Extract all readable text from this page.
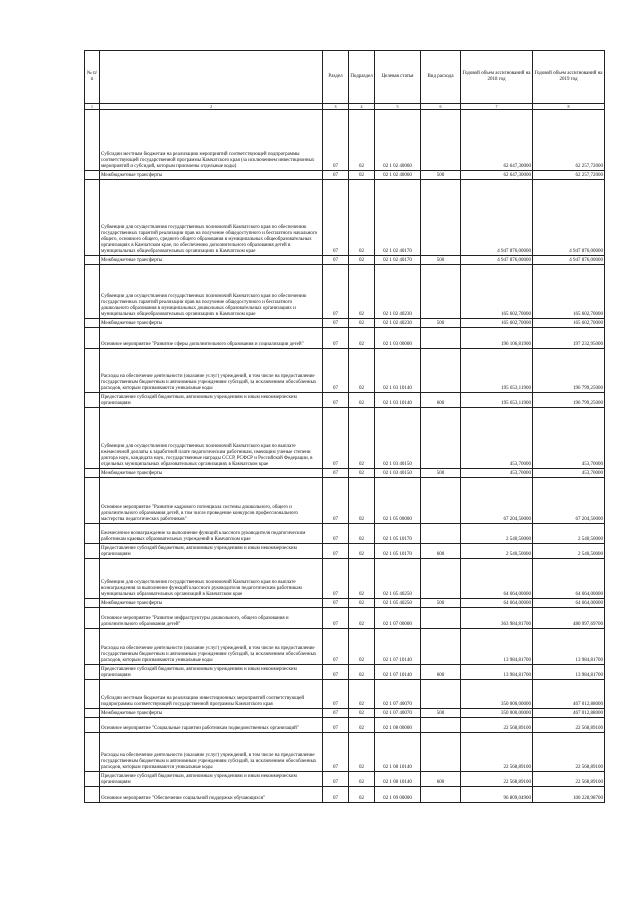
№ п/п		Раздел	Подраздел	Целевая статья	Вид расхода	Годовой объем ассигнований на 2018 год	Годовой объем ассигнований на 2019 год
1	2	3	4	5	6	7	8
	Субсидии местным бюджетам на реализацию мероприятий соответствующей подпрограммы соответствующей государственной программы Камчатского края (за исключением инвестиционных мероприятий и субсидий, которым присвоены отдельные коды)	07	02	02 1 02 40060		62 647,30000	62 257,72000
	Межбюджетные трансферты	07	02	02 1 02 40060	500	62 647,30000	62 257,72000
	Субвенции для осуществления государственных полномочий Камчатского края по обеспечению государственных гарантий реализации прав на получение общедоступного и бесплатного начального общего, основного общего, среднего общего образования в муниципальных общеобразовательных организациях в Камчатском крае, по обеспечению дополнительного образования детей в муниципальных общеобразовательных организациях в Камчатском крае	07	02	02 1 02 40170		4 947 876,00000	4 947 876,00000
	Межбюджетные трансферты	07	02	02 1 02 40170	500	4 947 876,00000	4 947 876,00000
	Субвенции для осуществления государственных полномочий Камчатского края по обеспечению государственных гарантий реализации прав на получение общедоступного и бесплатного дошкольного образования в муниципальных дошкольных образовательных организациях и муниципальных общеобразовательных организациях в Камчатском крае	07	02	02 1 02 40230		165 602,70000	165 602,70000
	Межбюджетные трансферты	07	02	02 1 02 40230	500	165 602,70000	165 602,70000
	Основное мероприятие "Развитие сферы дополнительного образования и социализации детей"	07	02	02 1 03 00000		196 106,81900	197 232,95000
	Расходы на обеспечение деятельности (оказание услуг) учреждений, в том числе на предоставление государственным бюджетным и автономным учреждениям субсидий, за исключением обособленных расходов, которым присваиваются уникальные коды	07	02	02 1 03 10140		195 653,11900	196 799,25000
	Предоставление субсидий бюджетным, автономным учреждениям и иным некоммерческим организациям	07	02	02 1 03 10140	600	195 653,11900	196 799,25000
	Субвенции для осуществления государственных полномочий Камчатского края по выплате ежемесячной доплаты к заработной плате педагогическим работникам, имеющим ученые степени доктора наук, кандидата наук, государственные награды СССР, РСФСР и Российской Федерации, в отдельных муниципальных образовательных организациях в Камчатском крае	07	02	02 1 03 40150		453,70000	453,70000
	Межбюджетные трансферты	07	02	02 1 03 40150	500	453,70000	453,70000
	Основное мероприятие "Развитие кадрового потенциала системы дошкольного, общего и дополнительного образования детей, в том числе проведение конкурсов профессионального мастерства педагогических работников"	07	02	02 1 05 00000		67 204,50000	67 204,50000
	Ежемесячное вознаграждение за выполнение функций классного руководителя педагогическим работникам краевых образовательных учреждений в Камчатском крае	07	02	02 1 05 10170		2 540,50000	2 540,50000
	Предоставление субсидий бюджетным, автономным учреждениям и иным некоммерческим организациям	07	02	02 1 05 10170	600	2 540,50000	2 540,50000
	Субвенции для осуществления государственных полномочий Камчатского края по выплате вознаграждения за выполнение функций классного руководителя педагогическим работникам муниципальных образовательных организаций в Камчатском крае	07	02	02 1 05 40250		64 664,00000	64 664,00000
	Межбюджетные трансферты	07	02	02 1 05 40250	500	64 664,00000	64 664,00000
	Основное мероприятие "Развитие инфраструктуры дошкольного, общего образования и дополнительного образования детей"	07	02	02 1 07 00000		363 984,81700	480 997,69700
	Расходы на обеспечение деятельности (оказание услуг) учреждений, в том числе на предоставление государственным бюджетным и автономным учреждениям субсидий, за исключением обособленных расходов, которым присваиваются уникальные коды	07	02	02 1 07 10140		13 984,81700	13 984,81700
	Предоставление субсидий бюджетным, автономным учреждениям и иным некоммерческим организациям	07	02	02 1 07 10140	600	13 984,81700	13 984,81700
	Субсидии местным бюджетам на реализацию инвестиционных мероприятий соответствующей подпрограммы соответствующей государственной программы Камчатского края	07	02	02 1 07 40070		350 000,00000	467 012,88000
	Межбюджетные трансферты	07	02	02 1 07 40070	500	350 000,00000	467 012,88000
	Основное мероприятие "Социальные гарантии работникам подведомственных организаций"	07	02	02 1 08 00000		22 568,89100	22 568,89100
	Расходы на обеспечение деятельности (оказание услуг) учреждений, в том числе на предоставление государственным бюджетным и автономным учреждениям субсидий, за исключением обособленных расходов, которым присваиваются уникальные коды	07	02	02 1 08 10140		22 568,89100	22 568,89100
	Предоставление субсидий бюджетным, автономным учреждениям и иным некоммерческим организациям	07	02	02 1 08 10140	600	22 568,89100	22 568,89100
	Основное мероприятие "Обеспечение социальной поддержки обучающихся"	07	02	02 1 09 00000		96 809,04900	100 228,98700
